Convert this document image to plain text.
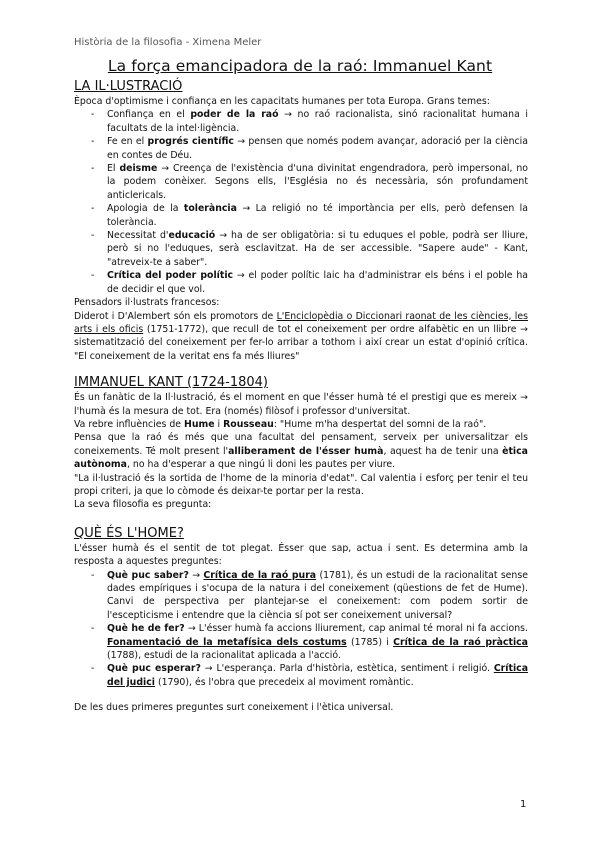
Història de la filosofia - Ximena Meler
La força emancipadora de la raó: Immanuel Kant
LA IL·LUSTRACIÓ

Època d'optimisme i confiança en les capacitats humanes per tota Europa. Grans temes:

- Confiança en el poder de la raó → no raó racionalista, sinó racionalitat humana i facultats de la intel·ligència.
- Fe en el progrés científic → pensen que només podem avançar, adoració per la ciència en contes de Déu.
- El deisme → Creença de l'existència d'una divinitat engendradora, però impersonal, no la podem conèixer. Segons ells, l'Església no és necessària, són profundament anticlericals.
- Apologia de la tolerància → La religió no té importància per ells, però defensen la tolerància.
- Necessitat d'educació → ha de ser obligatòria: si tu eduques el poble, podrà ser lliure, però si no l'eduques, serà esclavitzat. Ha de ser accessible. "Sapere aude" - Kant, "atreveix-te a saber".
- Crítica del poder polític → el poder polític laic ha d'administrar els béns i el poble ha de decidir el que vol.

Pensadors il·lustrats francesos:

Diderot i D'Alembert són els promotors de L'Enciclopèdia o Diccionari raonat de les ciències, les arts i els oficis (1751-1772), que recull de tot el coneixement per ordre alfabètic en un llibre → sistematització del coneixement per fer-lo arribar a tothom i així crear un estat d'opinió crítica. "El coneixement de la veritat ens fa més lliures"

IMMANUEL KANT (1724-1804)

És un fanàtic de la Il·lustració, és el moment en que l'ésser humà té el prestigi que es mereix → l'humà és la mesura de tot. Era (només) filòsof i professor d'universitat.

Va rebre influències de Hume i Rousseau: "Hume m'ha despertat del somni de la raó".

Pensa que la raó és més que una facultat del pensament, serveix per universalitzar els coneixements. Té molt present l'alliberament de l'ésser humà, aquest ha de tenir una ètica autònoma, no ha d'esperar a que ningú li doni les pautes per viure.

"La il·lustració és la sortida de l'home de la minoria d'edat". Cal valentia i esforç per tenir el teu propi criteri, ja que lo còmode és deixar-te portar per la resta.

La seva filosofia es pregunta:

QUÈ ÉS L'HOME?

L'ésser humà és el sentit de tot plegat. Ésser que sap, actua i sent. Es determina amb la resposta a aquestes preguntes:

- Què puc saber? → Crítica de la raó pura (1781), és un estudi de la racionalitat sense dades empíriques i s'ocupa de la natura i del coneixement (qüestions de fet de Hume). Canvi de perspectiva per plantejar-se el coneixement: com podem sortir de l'escepticisme i entendre que la ciència sí pot ser coneixement universal?
- Què he de fer? → L'ésser humà fa accions lliurement, cap animal té moral ni fa accions. Fonamentació de la metafísica dels costums (1785) i Crítica de la raó pràctica (1788), estudi de la racionalitat aplicada a l'acció.
- Què puc esperar? → L'esperança. Parla d'història, estètica, sentiment i religió. Crítica del judici (1790), és l'obra que precedeix al moviment romàntic.

De les dues primeres preguntes surt coneixement i l'ètica universal.

1
